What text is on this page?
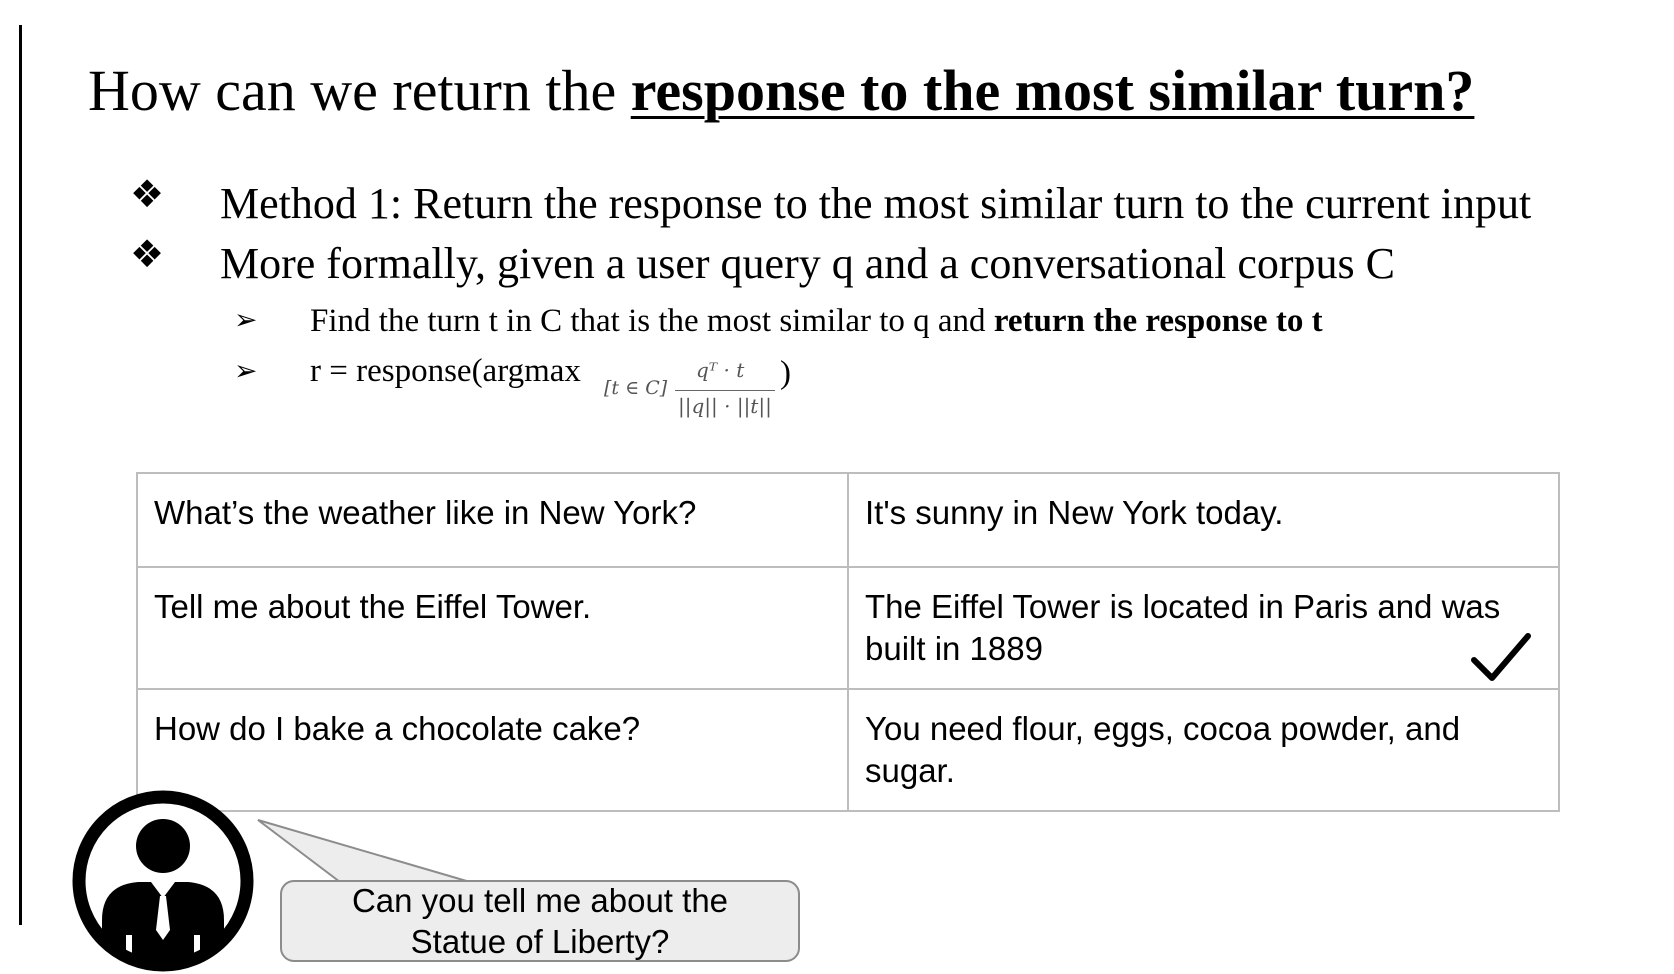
How can we return the response to the most similar turn?
❖ Method 1: Return the response to the most similar turn to the current input
❖ More formally, given a user query q and a conversational corpus C
➢ Find the turn t in C that is the most similar to q and return the response to t
➢ r = response(argmax [t ∈ C]
qᵀ · t
||q|| · ||t||
)
What’s the weather like in New York?	It's sunny in New York today.
Tell me about the Eiffel Tower.	The Eiffel Tower is located in Paris and was built in 1889

How do I bake a chocolate cake?	You need flour, eggs, cocoa powder, and sugar.
Can you tell me about the Statue of Liberty?
